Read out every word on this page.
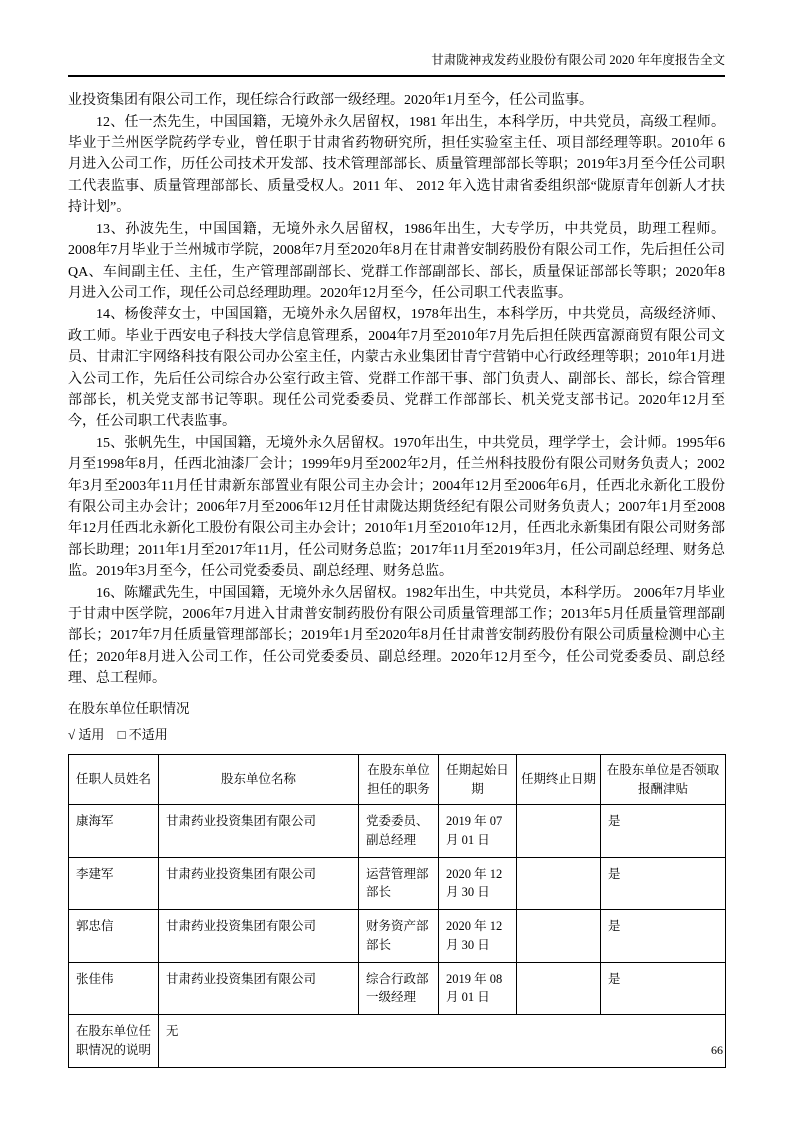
甘肃陇神戎发药业股份有限公司 2020 年年度报告全文

业投资集团有限公司工作，现任综合行政部一级经理。2020年1月至今，任公司监事。

12、任一杰先生，中国国籍，无境外永久居留权，1981 年出生，本科学历，中共党员，高级工程师。毕业于兰州医学院药学专业，曾任职于甘肃省药物研究所，担任实验室主任、项目部经理等职。2010年 6 月进入公司工作，历任公司技术开发部、技术管理部部长、质量管理部部长等职；2019年3月至今任公司职工代表监事、质量管理部部长、质量受权人。2011 年、 2012 年入选甘肃省委组织部“陇原青年创新人才扶持计划”。

13、孙波先生，中国国籍，无境外永久居留权，1986年出生，大专学历，中共党员，助理工程师。2008年7月毕业于兰州城市学院，2008年7月至2020年8月在甘肃普安制药股份有限公司工作，先后担任公司QA、车间副主任、主任，生产管理部副部长、党群工作部副部长、部长，质量保证部部长等职；2020年8月进入公司工作，现任公司总经理助理。2020年12月至今，任公司职工代表监事。

14、杨俊萍女士，中国国籍，无境外永久居留权，1978年出生，本科学历，中共党员，高级经济师、政工师。毕业于西安电子科技大学信息管理系，2004年7月至2010年7月先后担任陕西富源商贸有限公司文员、甘肃汇宇网络科技有限公司办公室主任，内蒙古永业集团甘青宁营销中心行政经理等职；2010年1月进入公司工作，先后任公司综合办公室行政主管、党群工作部干事、部门负责人、副部长、部长，综合管理部部长，机关党支部书记等职。现任公司党委委员、党群工作部部长、机关党支部书记。2020年12月至今，任公司职工代表监事。

15、张帆先生，中国国籍，无境外永久居留权。1970年出生，中共党员，理学学士，会计师。1995年6月至1998年8月，任西北油漆厂会计；1999年9月至2002年2月，任兰州科技股份有限公司财务负责人；2002年3月至2003年11月任甘肃新东部置业有限公司主办会计；2004年12月至2006年6月，任西北永新化工股份有限公司主办会计；2006年7月至2006年12月任甘肃陇达期货经纪有限公司财务负责人；2007年1月至2008年12月任西北永新化工股份有限公司主办会计；2010年1月至2010年12月，任西北永新集团有限公司财务部部长助理；2011年1月至2017年11月，任公司财务总监；2017年11月至2019年3月，任公司副总经理、财务总监。2019年3月至今，任公司党委委员、副总经理、财务总监。

16、陈耀武先生，中国国籍，无境外永久居留权。1982年出生，中共党员，本科学历。 2006年7月毕业于甘肃中医学院，2006年7月进入甘肃普安制药股份有限公司质量管理部工作；2013年5月任质量管理部副部长；2017年7月任质量管理部部长；2019年1月至2020年8月任甘肃普安制药股份有限公司质量检测中心主任；2020年8月进入公司工作，任公司党委委员、副总经理。2020年12月至今，任公司党委委员、副总经理、总工程师。

在股东单位任职情况
√ 适用 □ 不适用
任职人员姓名	股东单位名称	在股东单位担任的职务	任期起始日期	任期终止日期	在股东单位是否领取报酬津贴
康海军	甘肃药业投资集团有限公司	党委委员、副总经理	2019 年 07 月 01 日		是
李建军	甘肃药业投资集团有限公司	运营管理部部长	2020 年 12 月 30 日		是
郭忠信	甘肃药业投资集团有限公司	财务资产部部长	2020 年 12 月 30 日		是
张佳伟	甘肃药业投资集团有限公司	综合行政部一级经理	2019 年 08 月 01 日		是
在股东单位任职情况的说明	无				
66
